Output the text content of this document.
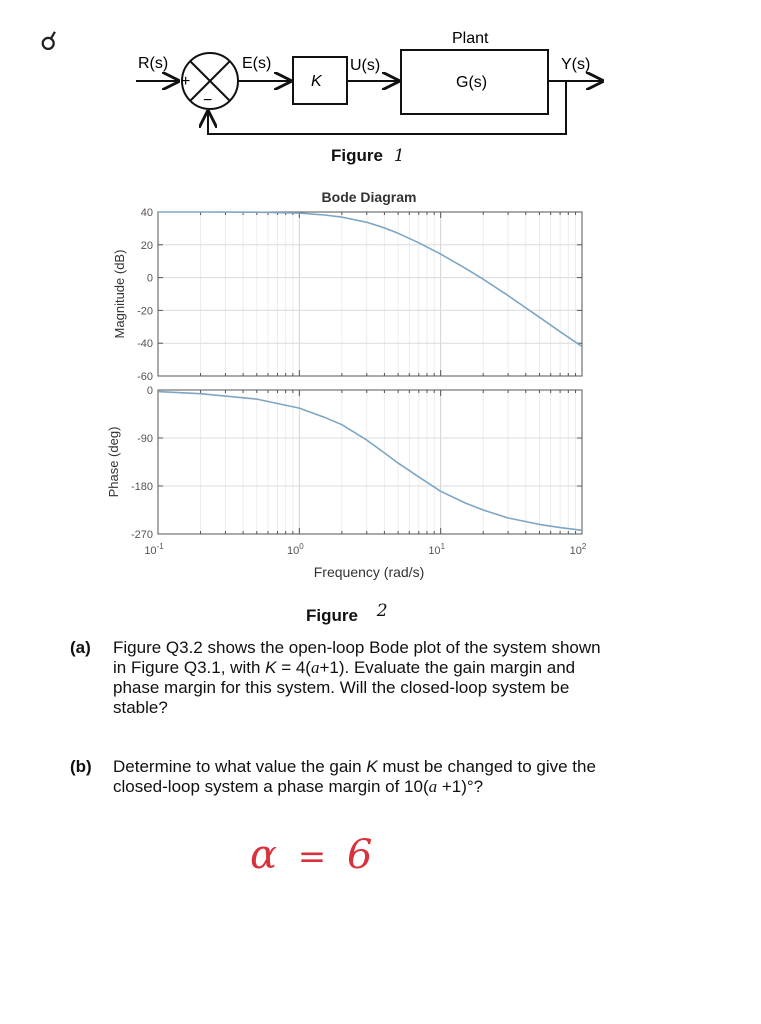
☌
R(s)
+
−
E(s)
K
U(s)
Plant
G(s)
Y(s)
Figure 1
Bode Diagram
40
20
0
-20
-40
-60
Magnitude (dB)
0
-90
-180
-270
Phase (deg)
Frequency (rad/s)
$10^{-1}$	$10^0$	$10^1$	$10^2$
Figure 2
(a) Figure Q3.2 shows the open-loop Bode plot of the system shown
in Figure Q3.1, with K = 4(a+1). Evaluate the gain margin and
phase margin for this system. Will the closed-loop system be
stable?
(b) Determine to what value the gain K must be changed to give the
closed-loop system a phase margin of 10(a +1)°?
α = 6
